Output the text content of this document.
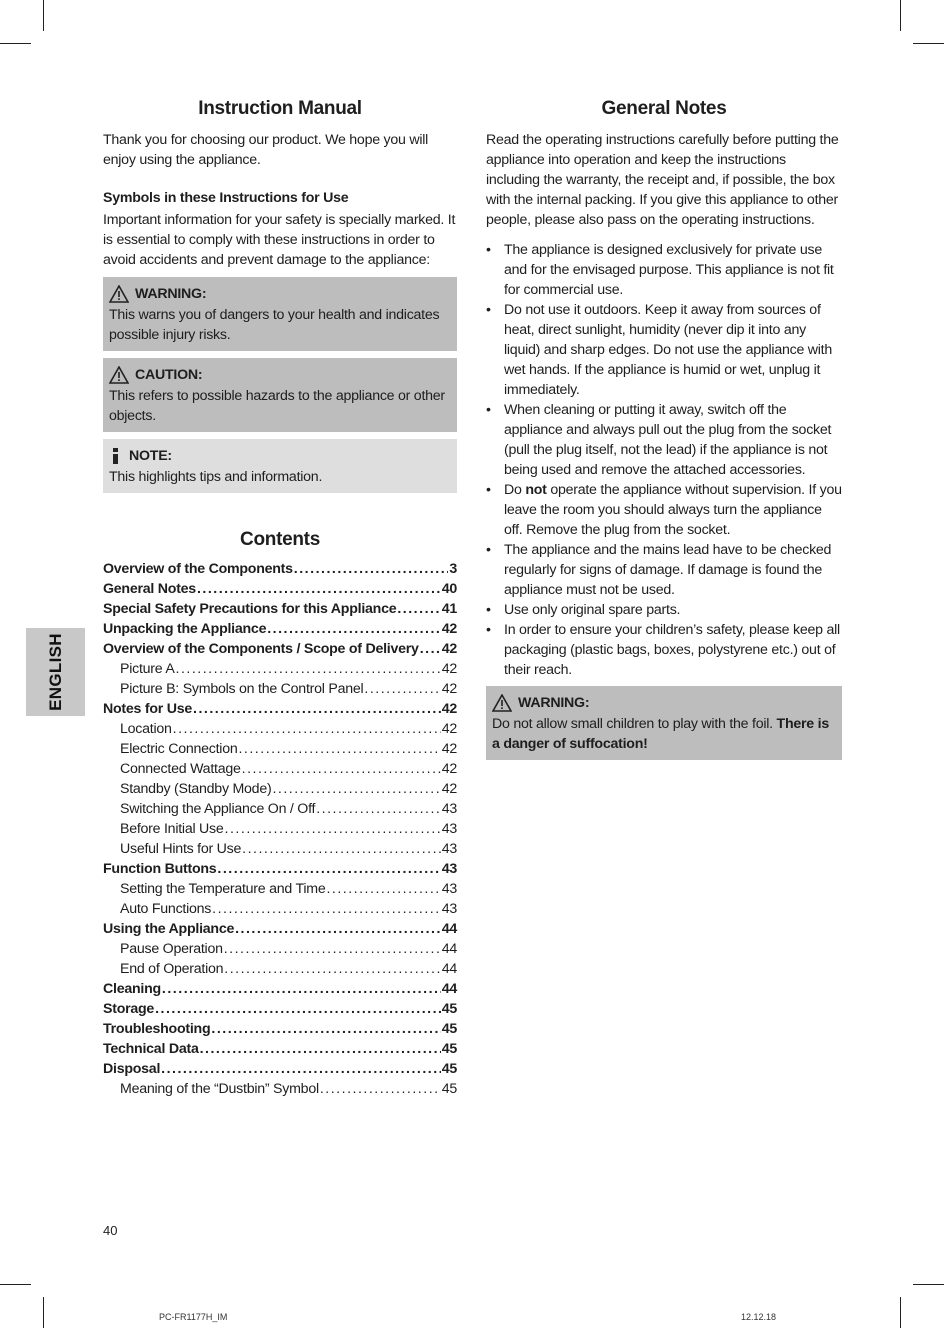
ENGLISH
Instruction Manual

Thank you for choosing our product. We hope you will enjoy using the appliance.

Symbols in these Instructions for Use

Important information for your safety is specially marked. It is essential to comply with these instructions in order to avoid accidents and prevent damage to the appliance:

WARNING:

This warns you of dangers to your health and indicates possible injury risks.

CAUTION:

This refers to possible hazards to the appliance or other objects.

NOTE:

This highlights tips and information.

Contents
Overview of the Components .....	3
General Notes .....	40
Special Safety Precautions for this Appliance .....	41
Unpacking the Appliance .....	42
Overview of the Components / Scope of Delivery ..... 42
Picture A .....	42
Picture B: Symbols on the Control Panel .....	42
Notes for Use .....	42
Location .....	42
Electric Connection .....	42
Connected Wattage .....	42
Standby (Standby Mode) .....	42
Switching the Appliance On / Off .....	43
Before Initial Use .....	43
Useful Hints for Use .....	43
Function Buttons .....	43
Setting the Temperature and Time .....	43
Auto Functions .....	43
Using the Appliance .....	44
Pause Operation .....	44
End of Operation .....	44
Cleaning .....	44
Storage .....	45
Troubleshooting .....	45
Technical Data .....	45
Disposal .....	45
Meaning of the “Dustbin” Symbol .....	45
General Notes

Read the operating instructions carefully before putting the appliance into operation and keep the instructions including the warranty, the receipt and, if possible, the box with the internal packing. If you give this appliance to other people, please also pass on the operating instructions.

• The appliance is designed exclusively for private use and for the envisaged purpose. This appliance is not fit for commercial use.
• Do not use it outdoors. Keep it away from sources of heat, direct sunlight, humidity (never dip it into any liquid) and sharp edges. Do not use the appliance with wet hands. If the appliance is humid or wet, unplug it immediately.
• When cleaning or putting it away, switch off the appliance and always pull out the plug from the socket (pull the plug itself, not the lead) if the appliance is not being used and remove the attached accessories.
• Do not operate the appliance without supervision. If you leave the room you should always turn the appliance off. Remove the plug from the socket.
• The appliance and the mains lead have to be checked regularly for signs of damage. If damage is found the appliance must not be used.
• Use only original spare parts.
• In order to ensure your children’s safety, please keep all packaging (plastic bags, boxes, polystyrene etc.) out of their reach.
WARNING:

Do not allow small children to play with the foil. There is a danger of suffocation!

40
PC-FR1177H_IM	12.12.18
